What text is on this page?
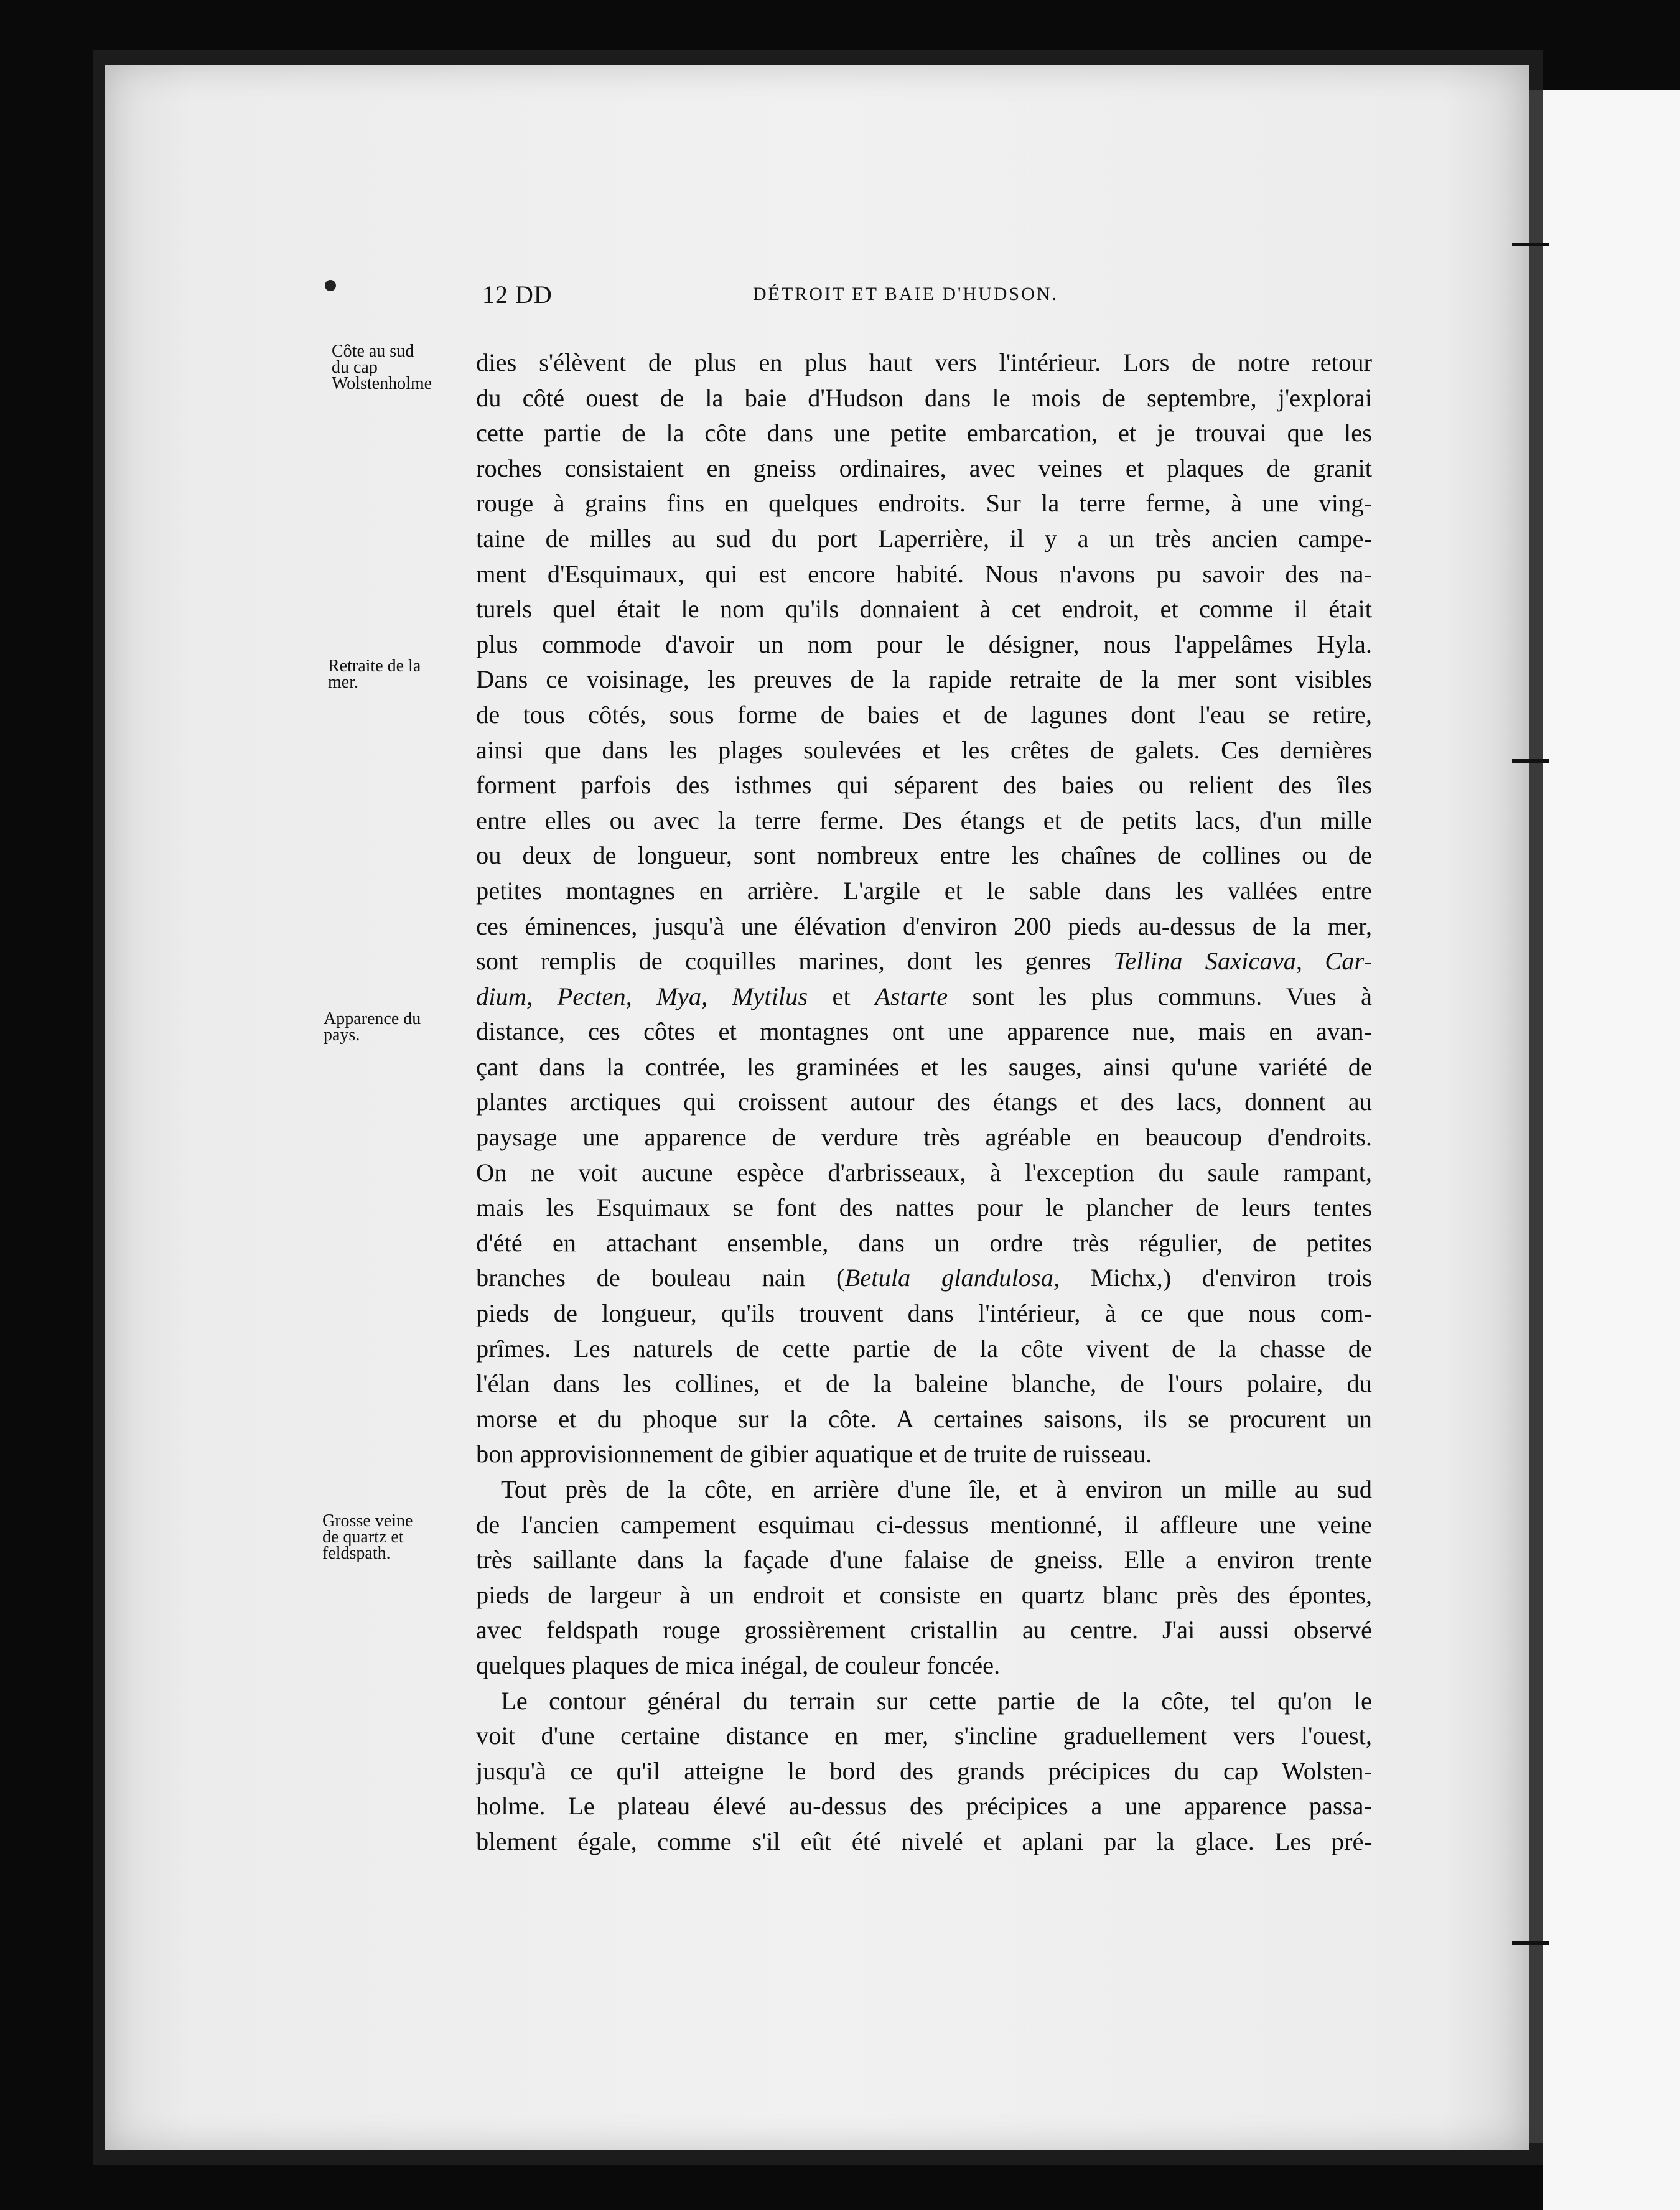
12 DD	DÉTROIT ET BAIE D'HUDSON.
Côte au sud
du cap
Wolstenholme
Retraite de la
mer.
Apparence du
pays.
Grosse veine
de quartz et
feldspath.
dies s'élèvent de plus en plus haut vers l'intérieur. Lors de notre retour
du côté ouest de la baie d'Hudson dans le mois de septembre, j'explorai
cette partie de la côte dans une petite embarcation, et je trouvai que les
roches consistaient en gneiss ordinaires, avec veines et plaques de granit
rouge à grains fins en quelques endroits. Sur la terre ferme, à une ving-
taine de milles au sud du port Laperrière, il y a un très ancien campe-
ment d'Esquimaux, qui est encore habité. Nous n'avons pu savoir des na-
turels quel était le nom qu'ils donnaient à cet endroit, et comme il était
plus commode d'avoir un nom pour le désigner, nous l'appelâmes Hyla.
Dans ce voisinage, les preuves de la rapide retraite de la mer sont visibles
de tous côtés, sous forme de baies et de lagunes dont l'eau se retire,
ainsi que dans les plages soulevées et les crêtes de galets. Ces dernières
forment parfois des isthmes qui séparent des baies ou relient des îles
entre elles ou avec la terre ferme. Des étangs et de petits lacs, d'un mille
ou deux de longueur, sont nombreux entre les chaînes de collines ou de
petites montagnes en arrière. L'argile et le sable dans les vallées entre
ces éminences, jusqu'à une élévation d'environ 200 pieds au-dessus de la mer,
sont remplis de coquilles marines, dont les genres Tellina Saxicava, Car-
dium, Pecten, Mya, Mytilus et Astarte sont les plus communs. Vues à
distance, ces côtes et montagnes ont une apparence nue, mais en avan-
çant dans la contrée, les graminées et les sauges, ainsi qu'une variété de
plantes arctiques qui croissent autour des étangs et des lacs, donnent au
paysage une apparence de verdure très agréable en beaucoup d'endroits.
On ne voit aucune espèce d'arbrisseaux, à l'exception du saule rampant,
mais les Esquimaux se font des nattes pour le plancher de leurs tentes
d'été en attachant ensemble, dans un ordre très régulier, de petites
branches de bouleau nain (Betula glandulosa, Michx,) d'environ trois
pieds de longueur, qu'ils trouvent dans l'intérieur, à ce que nous com-
prîmes. Les naturels de cette partie de la côte vivent de la chasse de
l'élan dans les collines, et de la baleine blanche, de l'ours polaire, du
morse et du phoque sur la côte. A certaines saisons, ils se procurent un
bon approvisionnement de gibier aquatique et de truite de ruisseau.
Tout près de la côte, en arrière d'une île, et à environ un mille au sud
de l'ancien campement esquimau ci-dessus mentionné, il affleure une veine
très saillante dans la façade d'une falaise de gneiss. Elle a environ trente
pieds de largeur à un endroit et consiste en quartz blanc près des épontes,
avec feldspath rouge grossièrement cristallin au centre. J'ai aussi observé
quelques plaques de mica inégal, de couleur foncée.
Le contour général du terrain sur cette partie de la côte, tel qu'on le
voit d'une certaine distance en mer, s'incline graduellement vers l'ouest,
jusqu'à ce qu'il atteigne le bord des grands précipices du cap Wolsten-
holme. Le plateau élevé au-dessus des précipices a une apparence passa-
blement égale, comme s'il eût été nivelé et aplani par la glace. Les pré-
